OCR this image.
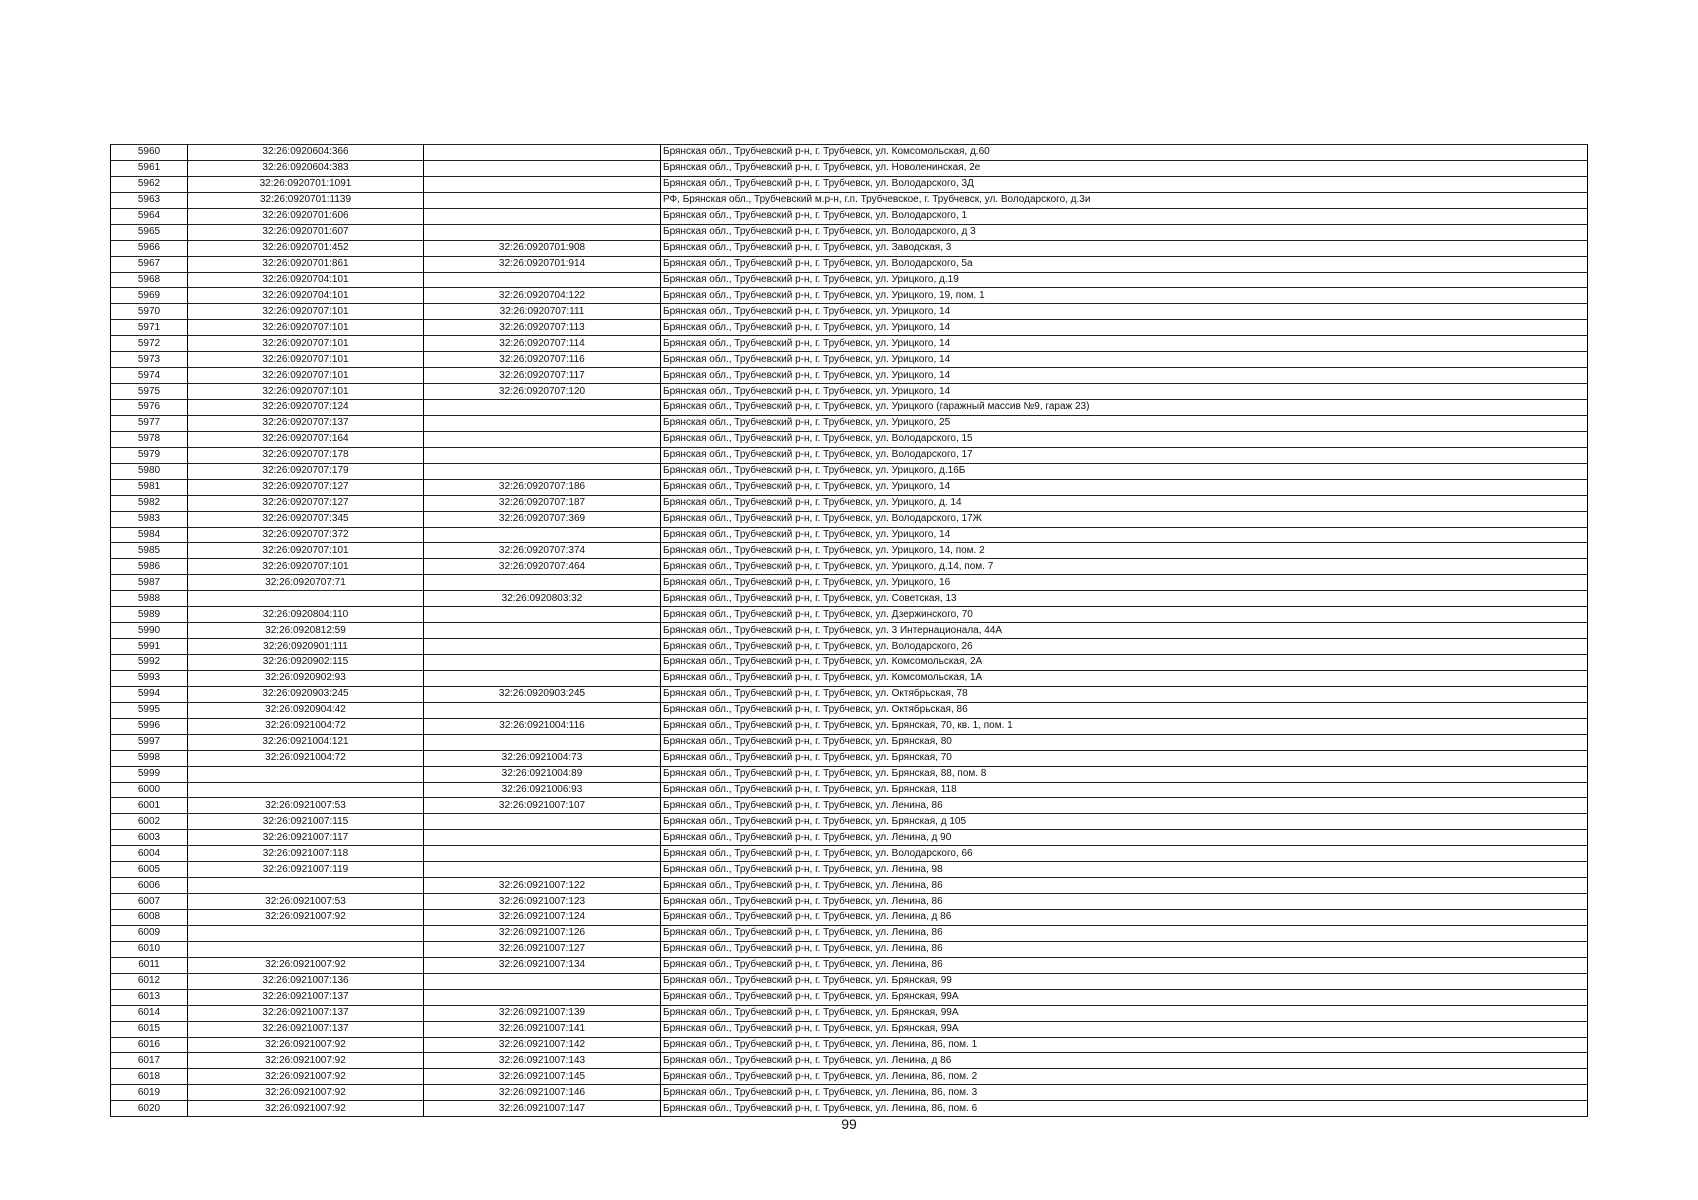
5960	32:26:0920604:366		Брянская обл., Трубчевский р-н, г. Трубчевск, ул. Комсомольская, д.60
5961	32:26:0920604:383		Брянская обл., Трубчевский р-н, г. Трубчевск, ул. Новоленинская, 2е
5962	32:26:0920701:1091		Брянская обл., Трубчевский р-н, г. Трубчевск, ул. Володарского, 3Д
5963	32:26:0920701:1139		РФ, Брянская обл., Трубчевский м.р-н, г.п. Трубчевское, г. Трубчевск, ул. Володарского, д.3и
5964	32:26:0920701:606		Брянская обл., Трубчевский р-н, г. Трубчевск, ул. Володарского, 1
5965	32:26:0920701:607		Брянская обл., Трубчевский р-н, г. Трубчевск, ул. Володарского, д 3
5966	32:26:0920701:452	32:26:0920701:908	Брянская обл., Трубчевский р-н, г. Трубчевск, ул. Заводская, 3
5967	32:26:0920701:861	32:26:0920701:914	Брянская обл., Трубчевский р-н, г. Трубчевск, ул. Володарского, 5а
5968	32:26:0920704:101		Брянская обл., Трубчевский р-н, г. Трубчевск, ул. Урицкого, д.19
5969	32:26:0920704:101	32:26:0920704:122	Брянская обл., Трубчевский р-н, г. Трубчевск, ул. Урицкого, 19, пом. 1
5970	32:26:0920707:101	32:26:0920707:111	Брянская обл., Трубчевский р-н, г. Трубчевск, ул. Урицкого, 14
5971	32:26:0920707:101	32:26:0920707:113	Брянская обл., Трубчевский р-н, г. Трубчевск, ул. Урицкого, 14
5972	32:26:0920707:101	32:26:0920707:114	Брянская обл., Трубчевский р-н, г. Трубчевск, ул. Урицкого, 14
5973	32:26:0920707:101	32:26:0920707:116	Брянская обл., Трубчевский р-н, г. Трубчевск, ул. Урицкого, 14
5974	32:26:0920707:101	32:26:0920707:117	Брянская обл., Трубчевский р-н, г. Трубчевск, ул. Урицкого, 14
5975	32:26:0920707:101	32:26:0920707:120	Брянская обл., Трубчевский р-н, г. Трубчевск, ул. Урицкого, 14
5976	32:26:0920707:124		Брянская обл., Трубчевский р-н, г. Трубчевск, ул. Урицкого (гаражный массив №9, гараж 23)
5977	32:26:0920707:137		Брянская обл., Трубчевский р-н, г. Трубчевск, ул. Урицкого, 25
5978	32:26:0920707:164		Брянская обл., Трубчевский р-н, г. Трубчевск, ул. Володарского, 15
5979	32:26:0920707:178		Брянская обл., Трубчевский р-н, г. Трубчевск, ул. Володарского, 17
5980	32:26:0920707:179		Брянская обл., Трубчевский р-н, г. Трубчевск, ул. Урицкого, д.16Б
5981	32:26:0920707:127	32:26:0920707:186	Брянская обл., Трубчевский р-н, г. Трубчевск, ул. Урицкого, 14
5982	32:26:0920707:127	32:26:0920707:187	Брянская обл., Трубчевский р-н, г. Трубчевск, ул. Урицкого, д. 14
5983	32:26:0920707:345	32:26:0920707:369	Брянская обл., Трубчевский р-н, г. Трубчевск, ул. Володарского, 17Ж
5984	32:26:0920707:372		Брянская обл., Трубчевский р-н, г. Трубчевск, ул. Урицкого, 14
5985	32:26:0920707:101	32:26:0920707:374	Брянская обл., Трубчевский р-н, г. Трубчевск, ул. Урицкого, 14, пом. 2
5986	32:26:0920707:101	32:26:0920707:464	Брянская обл., Трубчевский р-н, г. Трубчевск, ул. Урицкого, д.14, пом. 7
5987	32:26:0920707:71		Брянская обл., Трубчевский р-н, г. Трубчевск, ул. Урицкого, 16
5988		32:26:0920803:32	Брянская обл., Трубчевский р-н, г. Трубчевск, ул. Советская, 13
5989	32:26:0920804:110		Брянская обл., Трубчевский р-н, г. Трубчевск, ул. Дзержинского, 70
5990	32:26:0920812:59		Брянская обл., Трубчевский р-н, г. Трубчевск, ул. 3 Интернационала, 44А
5991	32:26:0920901:111		Брянская обл., Трубчевский р-н, г. Трубчевск, ул. Володарского, 26
5992	32:26:0920902:115		Брянская обл., Трубчевский р-н, г. Трубчевск, ул. Комсомольская, 2А
5993	32:26:0920902:93		Брянская обл., Трубчевский р-н, г. Трубчевск, ул. Комсомольская, 1А
5994	32:26:0920903:245	32:26:0920903:245	Брянская обл., Трубчевский р-н, г. Трубчевск, ул. Октябрьская, 78
5995	32:26:0920904:42		Брянская обл., Трубчевский р-н, г. Трубчевск, ул. Октябрьская, 86
5996	32:26:0921004:72	32:26:0921004:116	Брянская обл., Трубчевский р-н, г. Трубчевск, ул. Брянская, 70, кв. 1, пом. 1
5997	32:26:0921004:121		Брянская обл., Трубчевский р-н, г. Трубчевск, ул. Брянская, 80
5998	32:26:0921004:72	32:26:0921004:73	Брянская обл., Трубчевский р-н, г. Трубчевск, ул. Брянская, 70
5999		32:26:0921004:89	Брянская обл., Трубчевский р-н, г. Трубчевск, ул. Брянская, 88, пом. 8
6000		32:26:0921006:93	Брянская обл., Трубчевский р-н, г. Трубчевск, ул. Брянская, 118
6001	32:26:0921007:53	32:26:0921007:107	Брянская обл., Трубчевский р-н, г. Трубчевск, ул. Ленина, 86
6002	32:26:0921007:115		Брянская обл., Трубчевский р-н, г. Трубчевск, ул. Брянская, д 105
6003	32:26:0921007:117		Брянская обл., Трубчевский р-н, г. Трубчевск, ул. Ленина, д 90
6004	32:26:0921007:118		Брянская обл., Трубчевский р-н, г. Трубчевск, ул. Володарского, 66
6005	32:26:0921007:119		Брянская обл., Трубчевский р-н, г. Трубчевск, ул. Ленина, 98
6006		32:26:0921007:122	Брянская обл., Трубчевский р-н, г. Трубчевск, ул. Ленина, 86
6007	32:26:0921007:53	32:26:0921007:123	Брянская обл., Трубчевский р-н, г. Трубчевск, ул. Ленина, 86
6008	32:26:0921007:92	32:26:0921007:124	Брянская обл., Трубчевский р-н, г. Трубчевск, ул. Ленина, д 86
6009		32:26:0921007:126	Брянская обл., Трубчевский р-н, г. Трубчевск, ул. Ленина, 86
6010		32:26:0921007:127	Брянская обл., Трубчевский р-н, г. Трубчевск, ул. Ленина, 86
6011	32:26:0921007:92	32:26:0921007:134	Брянская обл., Трубчевский р-н, г. Трубчевск, ул. Ленина, 86
6012	32:26:0921007:136		Брянская обл., Трубчевский р-н, г. Трубчевск, ул. Брянская, 99
6013	32:26:0921007:137		Брянская обл., Трубчевский р-н, г. Трубчевск, ул. Брянская, 99А
6014	32:26:0921007:137	32:26:0921007:139	Брянская обл., Трубчевский р-н, г. Трубчевск, ул. Брянская, 99А
6015	32:26:0921007:137	32:26:0921007:141	Брянская обл., Трубчевский р-н, г. Трубчевск, ул. Брянская, 99А
6016	32:26:0921007:92	32:26:0921007:142	Брянская обл., Трубчевский р-н, г. Трубчевск, ул. Ленина, 86, пом. 1
6017	32:26:0921007:92	32:26:0921007:143	Брянская обл., Трубчевский р-н, г. Трубчевск, ул. Ленина, д 86
6018	32:26:0921007:92	32:26:0921007:145	Брянская обл., Трубчевский р-н, г. Трубчевск, ул. Ленина, 86, пом. 2
6019	32:26:0921007:92	32:26:0921007:146	Брянская обл., Трубчевский р-н, г. Трубчевск, ул. Ленина, 86, пом. 3
6020	32:26:0921007:92	32:26:0921007:147	Брянская обл., Трубчевский р-н, г. Трубчевск, ул. Ленина, 86, пом. 6
99
